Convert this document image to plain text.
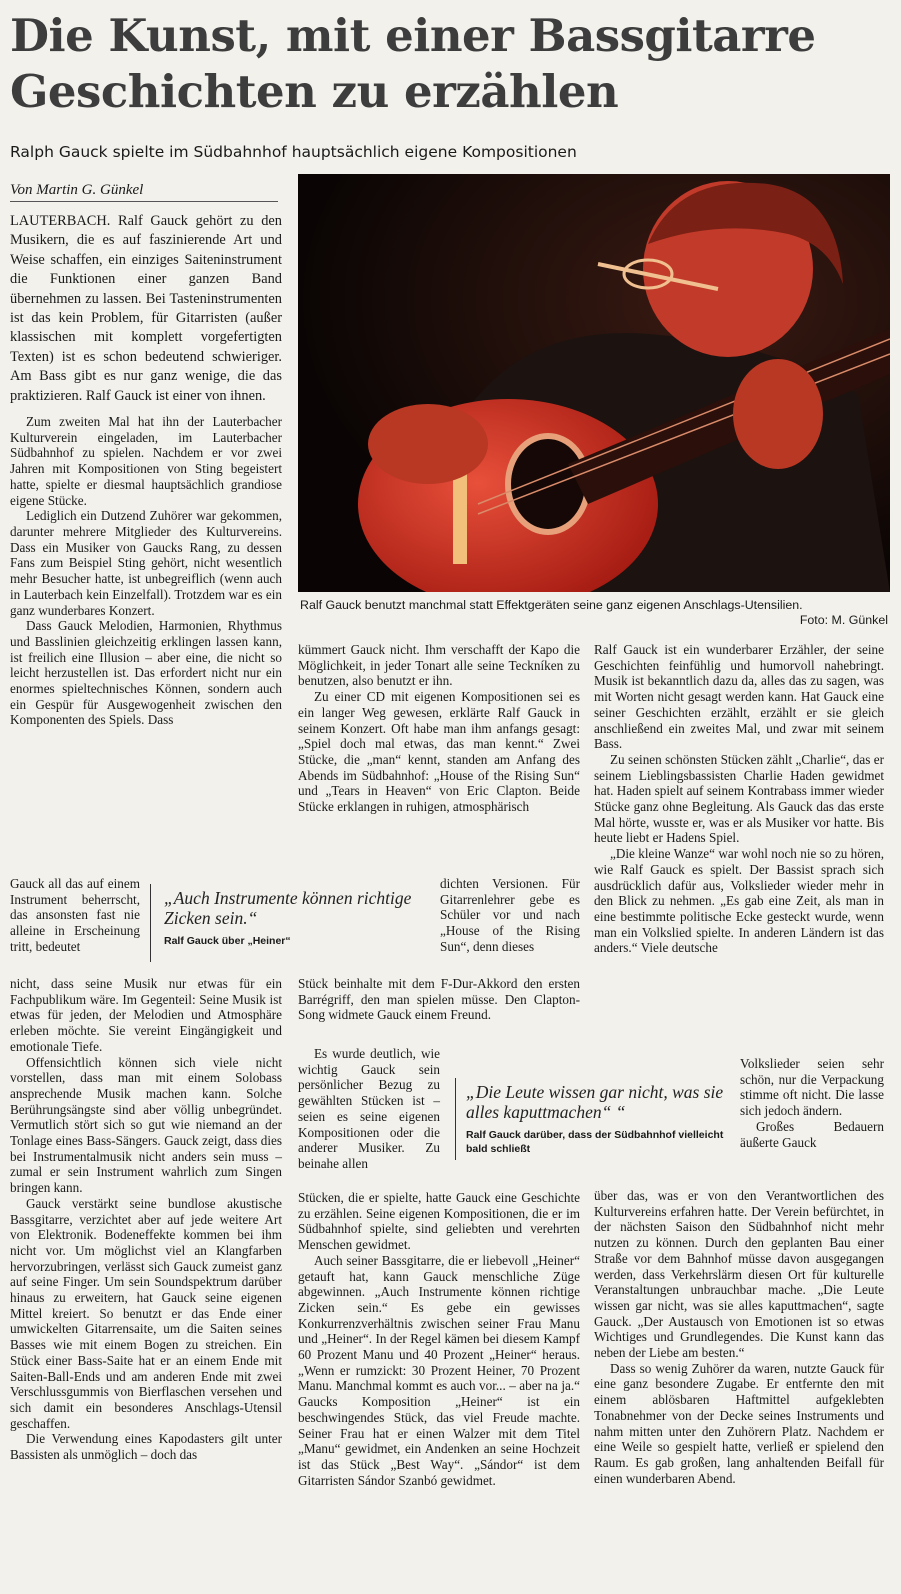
Die Kunst, mit einer Bassgitarre Geschichten zu erzählen
Ralph Gauck spielte im Südbahnhof hauptsächlich eigene Kompositionen
Von Martin G. Günkel
Ralf Gauck benutzt manchmal statt Effektgeräten seine ganz eigenen Anschlags-Utensilien.
Foto: M. Günkel

LAUTERBACH. Ralf Gauck gehört zu den Musikern, die es auf faszinierende Art und Weise schaffen, ein einziges Saiteninstrument die Funktionen einer ganzen Band übernehmen zu lassen. Bei Tasteninstrumenten ist das kein Problem, für Gitarristen (außer klassischen mit komplett vorgefertigten Texten) ist es schon bedeutend schwieriger. Am Bass gibt es nur ganz wenige, die das praktizieren. Ralf Gauck ist einer von ihnen.

Zum zweiten Mal hat ihn der Lauterbacher Kulturverein eingeladen, im Lauterbacher Südbahnhof zu spielen. Nachdem er vor zwei Jahren mit Kompositionen von Sting begeistert hatte, spielte er diesmal hauptsächlich grandiose eigene Stücke.

Lediglich ein Dutzend Zuhörer war gekommen, darunter mehrere Mitglieder des Kulturvereins. Dass ein Musiker von Gaucks Rang, zu dessen Fans zum Beispiel Sting gehört, nicht wesentlich mehr Besucher hatte, ist unbegreiflich (wenn auch in Lauterbach kein Einzelfall). Trotzdem war es ein ganz wunderbares Konzert.

Dass Gauck Melodien, Harmonien, Rhythmus und Basslinien gleichzeitig erklingen lassen kann, ist freilich eine Illusion – aber eine, die nicht so leicht herzustellen ist. Das erfordert nicht nur ein enormes spieltechnisches Können, sondern auch ein Gespür für Ausgewogenheit zwischen den Komponenten des Spiels. Dass

Gauck all das auf einem Instrument beherrscht, das ansonsten fast nie alleine in Erscheinung tritt, bedeutet

nicht, dass seine Musik nur etwas für ein Fachpublikum wäre. Im Gegenteil: Seine Musik ist etwas für jeden, der Melodien und Atmosphäre erleben möchte. Sie vereint Eingängigkeit und emotionale Tiefe.

Offensichtlich können sich viele nicht vorstellen, dass man mit einem Solobass ansprechende Musik machen kann. Solche Berührungsängste sind aber völlig unbegründet. Vermutlich stört sich so gut wie niemand an der Tonlage eines Bass-Sängers. Gauck zeigt, dass dies bei Instrumentalmusik nicht anders sein muss – zumal er sein Instrument wahrlich zum Singen bringen kann.

Gauck verstärkt seine bundlose akustische Bassgitarre, verzichtet aber auf jede weitere Art von Elektronik. Bodeneffekte kommen bei ihm nicht vor. Um möglichst viel an Klangfarben hervorzubringen, verlässt sich Gauck zumeist ganz auf seine Finger. Um sein Soundspektrum darüber hinaus zu erweitern, hat Gauck seine eigenen Mittel kreiert. So benutzt er das Ende einer umwickelten Gitarrensaite, um die Saiten seines Basses wie mit einem Bogen zu streichen. Ein Stück einer Bass-Saite hat er an einem Ende mit Saiten-Ball-Ends und am anderen Ende mit zwei Verschlussgummis von Bierflaschen versehen und sich damit ein besonderes Anschlags-Utensil geschaffen.

Die Verwendung eines Kapodasters gilt unter Bassisten als unmöglich – doch das

„Auch Instrumente können richtige Zicken sein.“
Ralf Gauck über „Heiner“

kümmert Gauck nicht. Ihm verschafft der Kapo die Möglichkeit, in jeder Tonart alle seine Teckníken zu benutzen, also benutzt er ihn.

Zu einer CD mit eigenen Kompositionen sei es ein langer Weg gewesen, erklärte Ralf Gauck in seinem Konzert. Oft habe man ihm anfangs gesagt: „Spiel doch mal etwas, das man kennt.“ Zwei Stücke, die „man“ kennt, standen am Anfang des Abends im Südbahnhof: „House of the Rising Sun“ und „Tears in Heaven“ von Eric Clapton. Beide Stücke erklangen in ruhigen, atmosphärisch

dichten Versionen. Für Gitarrenlehrer gebe es Schüler vor und nach „House of the Rising Sun“, denn dieses

Stück beinhalte mit dem F-Dur-Akkord den ersten Barrégriff, den man spielen müsse. Den Clapton-Song widmete Gauck einem Freund.

Es wurde deutlich, wie wichtig Gauck sein persönlicher Bezug zu gewählten Stücken ist – seien es seine eigenen Kompositionen oder die anderer Musiker. Zu beinahe allen

Stücken, die er spielte, hatte Gauck eine Geschichte zu erzählen. Seine eigenen Kompositionen, die er im Südbahnhof spielte, sind geliebten und verehrten Menschen gewidmet.

Auch seiner Bassgitarre, die er liebevoll „Heiner“ getauft hat, kann Gauck menschliche Züge abgewinnen. „Auch Instrumente können richtige Zicken sein.“ Es gebe ein gewisses Konkurrenzverhältnis zwischen seiner Frau Manu und „Heiner“. In der Regel kämen bei diesem Kampf 60 Prozent Manu und 40 Prozent „Heiner“ heraus. „Wenn er rumzickt: 30 Prozent Heiner, 70 Prozent Manu. Manchmal kommt es auch vor... – aber na ja.“ Gaucks Komposition „Heiner“ ist ein beschwingendes Stück, das viel Freude machte. Seiner Frau hat er einen Walzer mit dem Titel „Manu“ gewidmet, ein Andenken an seine Hochzeit ist das Stück „Best Way“. „Sándor“ ist dem Gitarristen Sándor Szanbó gewidmet.

„Die Leute wissen gar nicht, was sie alles kaputtmachen“ “
Ralf Gauck darüber, dass der Südbahnhof vielleicht bald schließt

Ralf Gauck ist ein wunderbarer Erzähler, der seine Geschichten feinfühlig und humorvoll nahebringt. Musik ist bekanntlich dazu da, alles das zu sagen, was mit Worten nicht gesagt werden kann. Hat Gauck eine seiner Geschichten erzählt, erzählt er sie gleich anschließend ein zweites Mal, und zwar mit seinem Bass.

Zu seinen schönsten Stücken zählt „Charlie“, das er seinem Lieblingsbassisten Charlie Haden gewidmet hat. Haden spielt auf seinem Kontrabass immer wieder Stücke ganz ohne Begleitung. Als Gauck das das erste Mal hörte, wusste er, was er als Musiker vor hatte. Bis heute liebt er Hadens Spiel.

„Die kleine Wanze“ war wohl noch nie so zu hören, wie Ralf Gauck es spielt. Der Bassist sprach sich ausdrücklich dafür aus, Volkslieder wieder mehr in den Blick zu nehmen. „Es gab eine Zeit, als man in eine bestimmte politische Ecke gesteckt wurde, wenn man ein Volkslied spielte. In anderen Ländern ist das anders.“ Viele deutsche

Volkslieder seien sehr schön, nur die Verpackung stimme oft nicht. Die lasse sich jedoch ändern.

Großes Bedauern äußerte Gauck

über das, was er von den Verantwortlichen des Kulturvereins erfahren hatte. Der Verein befürchtet, in der nächsten Saison den Südbahnhof nicht mehr nutzen zu können. Durch den geplanten Bau einer Straße vor dem Bahnhof müsse davon ausgegangen werden, dass Verkehrslärm diesen Ort für kulturelle Veranstaltungen unbrauchbar mache. „Die Leute wissen gar nicht, was sie alles kaputtmachen“, sagte Gauck. „Der Austausch von Emotionen ist so etwas Wichtiges und Grundlegendes. Die Kunst kann das neben der Liebe am besten.“

Dass so wenig Zuhörer da waren, nutzte Gauck für eine ganz besondere Zugabe. Er entfernte den mit einem ablösbaren Haftmittel aufgeklebten Tonabnehmer von der Decke seines Instruments und nahm mitten unter den Zuhörern Platz. Nachdem er eine Weile so gespielt hatte, verließ er spielend den Raum. Es gab großen, lang anhaltenden Beifall für einen wunderbaren Abend.
